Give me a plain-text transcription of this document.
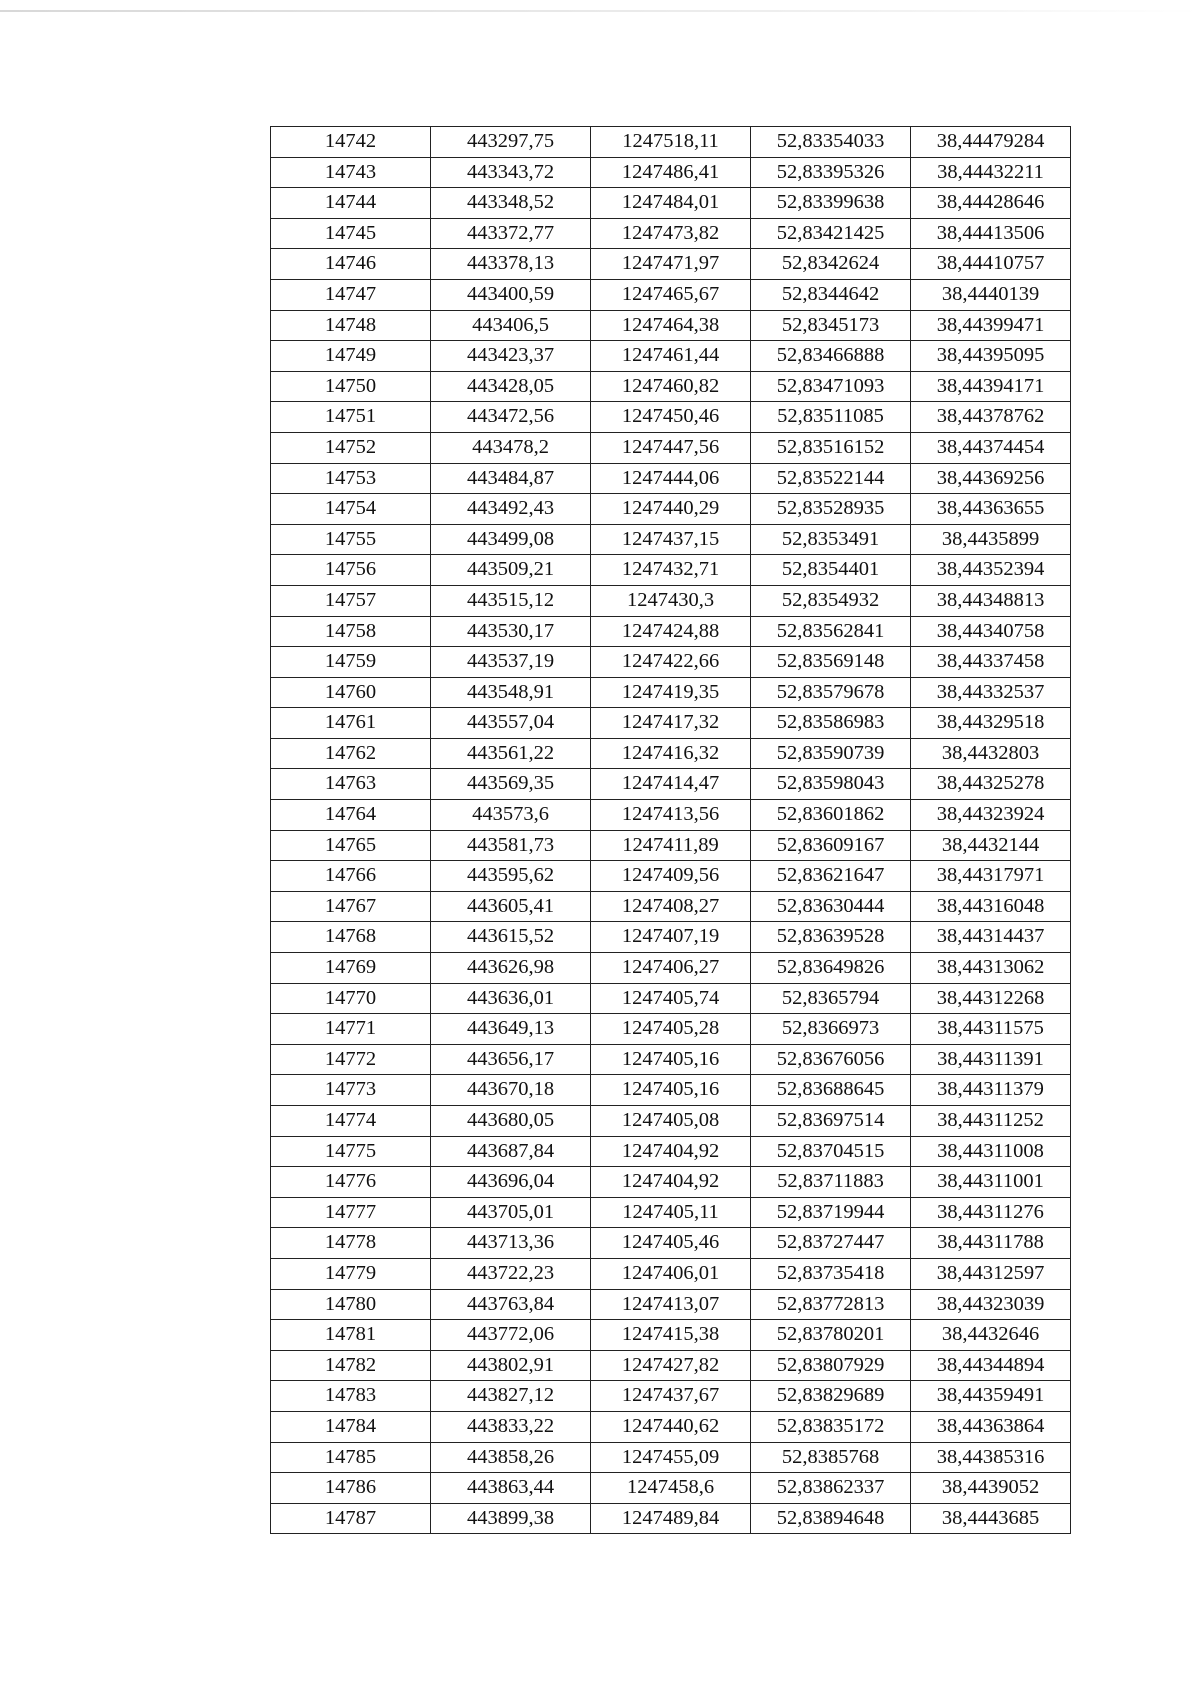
14742	443297,75	1247518,11	52,83354033	38,44479284
14743	443343,72	1247486,41	52,83395326	38,44432211
14744	443348,52	1247484,01	52,83399638	38,44428646
14745	443372,77	1247473,82	52,83421425	38,44413506
14746	443378,13	1247471,97	52,8342624	38,44410757
14747	443400,59	1247465,67	52,8344642	38,4440139
14748	443406,5	1247464,38	52,8345173	38,44399471
14749	443423,37	1247461,44	52,83466888	38,44395095
14750	443428,05	1247460,82	52,83471093	38,44394171
14751	443472,56	1247450,46	52,83511085	38,44378762
14752	443478,2	1247447,56	52,83516152	38,44374454
14753	443484,87	1247444,06	52,83522144	38,44369256
14754	443492,43	1247440,29	52,83528935	38,44363655
14755	443499,08	1247437,15	52,8353491	38,4435899
14756	443509,21	1247432,71	52,8354401	38,44352394
14757	443515,12	1247430,3	52,8354932	38,44348813
14758	443530,17	1247424,88	52,83562841	38,44340758
14759	443537,19	1247422,66	52,83569148	38,44337458
14760	443548,91	1247419,35	52,83579678	38,44332537
14761	443557,04	1247417,32	52,83586983	38,44329518
14762	443561,22	1247416,32	52,83590739	38,4432803
14763	443569,35	1247414,47	52,83598043	38,44325278
14764	443573,6	1247413,56	52,83601862	38,44323924
14765	443581,73	1247411,89	52,83609167	38,4432144
14766	443595,62	1247409,56	52,83621647	38,44317971
14767	443605,41	1247408,27	52,83630444	38,44316048
14768	443615,52	1247407,19	52,83639528	38,44314437
14769	443626,98	1247406,27	52,83649826	38,44313062
14770	443636,01	1247405,74	52,8365794	38,44312268
14771	443649,13	1247405,28	52,8366973	38,44311575
14772	443656,17	1247405,16	52,83676056	38,44311391
14773	443670,18	1247405,16	52,83688645	38,44311379
14774	443680,05	1247405,08	52,83697514	38,44311252
14775	443687,84	1247404,92	52,83704515	38,44311008
14776	443696,04	1247404,92	52,83711883	38,44311001
14777	443705,01	1247405,11	52,83719944	38,44311276
14778	443713,36	1247405,46	52,83727447	38,44311788
14779	443722,23	1247406,01	52,83735418	38,44312597
14780	443763,84	1247413,07	52,83772813	38,44323039
14781	443772,06	1247415,38	52,83780201	38,4432646
14782	443802,91	1247427,82	52,83807929	38,44344894
14783	443827,12	1247437,67	52,83829689	38,44359491
14784	443833,22	1247440,62	52,83835172	38,44363864
14785	443858,26	1247455,09	52,8385768	38,44385316
14786	443863,44	1247458,6	52,83862337	38,4439052
14787	443899,38	1247489,84	52,83894648	38,4443685
